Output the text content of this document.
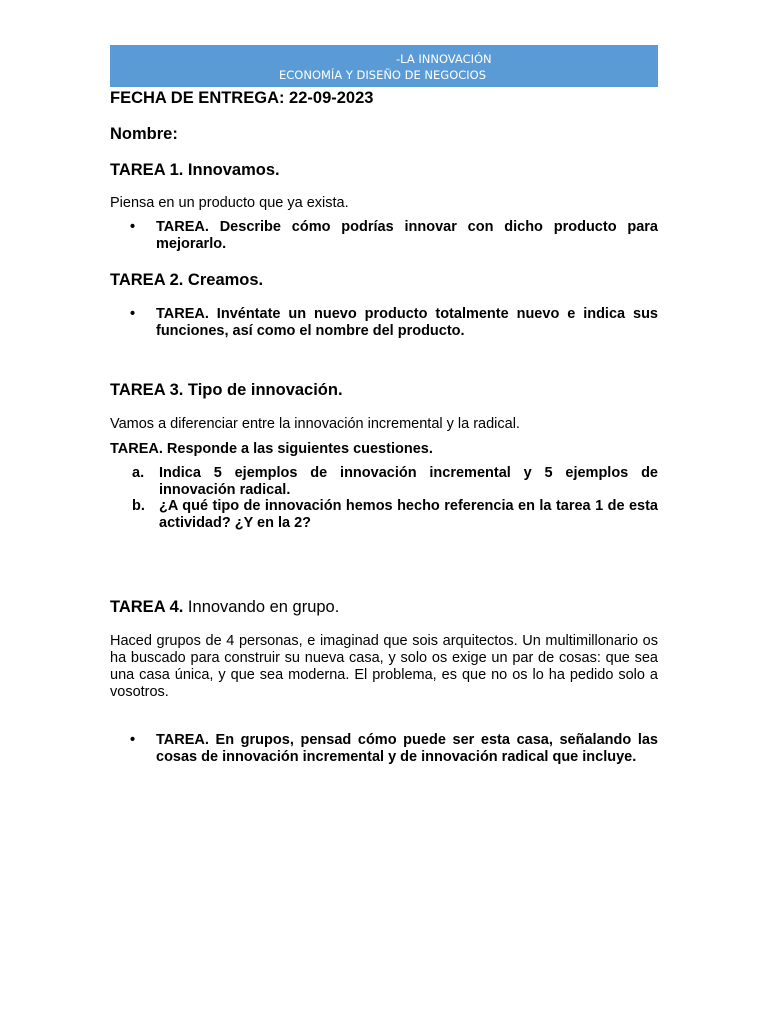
-LA INNOVACIÓN
ECONOMÍA Y DISEÑO DE NEGOCIOS
FECHA DE ENTREGA: 22-09-2023
Nombre:
TAREA 1. Innovamos.
Piensa en un producto que ya exista.
• TAREA. Describe cómo podrías innovar con dicho producto para mejorarlo.
TAREA 2. Creamos.
• TAREA. Invéntate un nuevo producto totalmente nuevo e indica sus funciones, así como el nombre del producto.
TAREA 3. Tipo de innovación.
Vamos a diferenciar entre la innovación incremental y la radical.
TAREA. Responde a las siguientes cuestiones.
a. Indica 5 ejemplos de innovación incremental y 5 ejemplos de innovación radical.
b. ¿A qué tipo de innovación hemos hecho referencia en la tarea 1 de esta actividad? ¿Y en la 2?
TAREA 4. Innovando en grupo.
Haced grupos de 4 personas, e imaginad que sois arquitectos. Un multimillonario os ha buscado para construir su nueva casa, y solo os exige un par de cosas: que sea una casa única, y que sea moderna. El problema, es que no os lo ha pedido solo a vosotros.
• TAREA. En grupos, pensad cómo puede ser esta casa, señalando las cosas de innovación incremental y de innovación radical que incluye.
